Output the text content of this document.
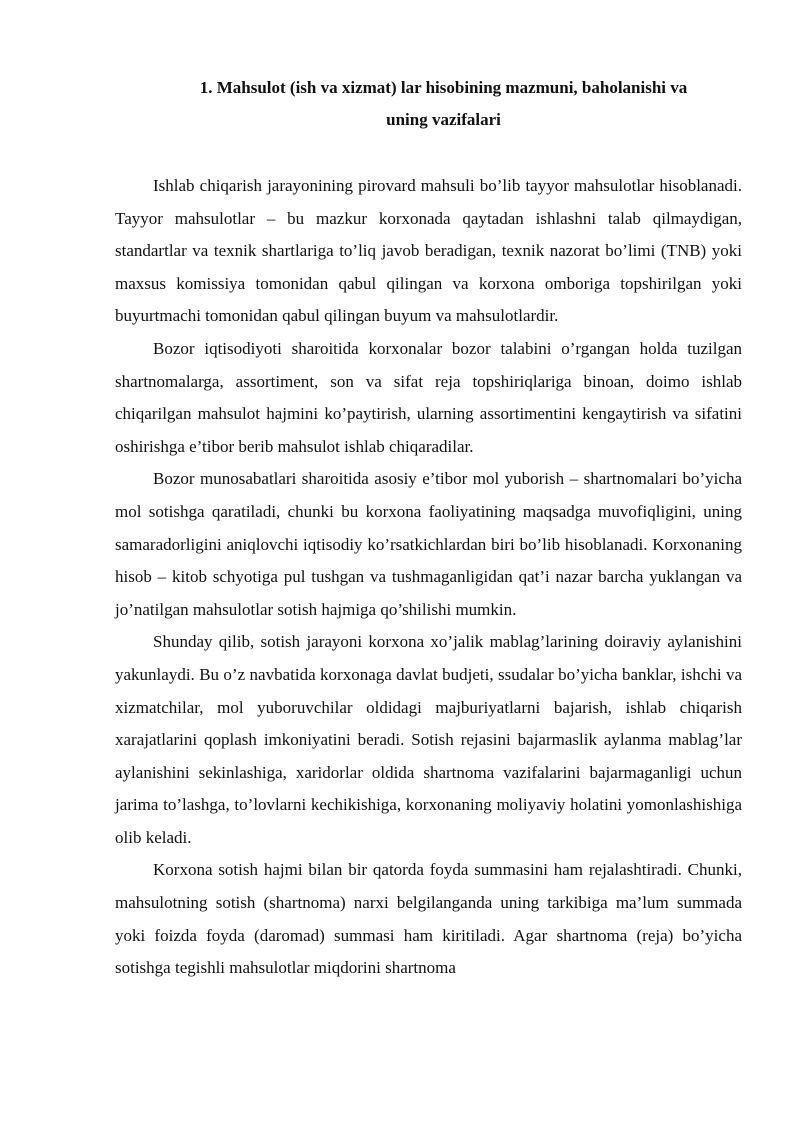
1. Mahsulot (ish va xizmat) lar hisobining mazmuni, baholanishi va
uning vazifalari

Ishlab chiqarish jarayonining pirovard mahsuli bo’lib tayyor mahsulotlar hisoblanadi. Tayyor mahsulotlar – bu mazkur korxonada qaytadan ishlashni talab qilmaydigan, standartlar va texnik shartlariga to’liq javob beradigan, texnik nazorat bo’limi (TNB) yoki maxsus komissiya tomonidan qabul qilingan va korxona omboriga topshirilgan yoki buyurtmachi tomonidan qabul qilingan buyum va mahsulotlardir.

Bozor iqtisodiyoti sharoitida korxonalar bozor talabini o’rgangan holda tuzilgan shartnomalarga, assortiment, son va sifat reja topshiriqlariga binoan, doimo ishlab chiqarilgan mahsulot hajmini ko’paytirish, ularning assortimentini kengaytirish va sifatini oshirishga e’tibor berib mahsulot ishlab chiqaradilar.

Bozor munosabatlari sharoitida asosiy e’tibor mol yuborish – shartnomalari bo’yicha mol sotishga qaratiladi, chunki bu korxona faoliyatining maqsadga muvofiqligini, uning samaradorligini aniqlovchi iqtisodiy ko’rsatkichlardan biri bo’lib hisoblanadi. Korxonaning hisob – kitob schyotiga pul tushgan va tushmaganligidan qat’i nazar barcha yuklangan va jo’natilgan mahsulotlar sotish hajmiga qo’shilishi mumkin.

Shunday qilib, sotish jarayoni korxona xo’jalik mablag’larining doiraviy aylanishini yakunlaydi. Bu o’z navbatida korxonaga davlat budjeti, ssudalar bo’yicha banklar, ishchi va xizmatchilar, mol yuboruvchilar oldidagi majburiyatlarni bajarish, ishlab chiqarish xarajatlarini qoplash imkoniyatini beradi. Sotish rejasini bajarmaslik aylanma mablag’lar aylanishini sekinlashiga, xaridorlar oldida shartnoma vazifalarini bajarmaganligi uchun jarima to’lashga, to’lovlarni kechikishiga, korxonaning moliyaviy holatini yomonlashishiga olib keladi.

Korxona sotish hajmi bilan bir qatorda foyda summasini ham rejalashtiradi. Chunki, mahsulotning sotish (shartnoma) narxi belgilanganda uning tarkibiga ma’lum summada yoki foizda foyda (daromad) summasi ham kiritiladi. Agar shartnoma (reja) bo’yicha sotishga tegishli mahsulotlar miqdorini shartnoma
